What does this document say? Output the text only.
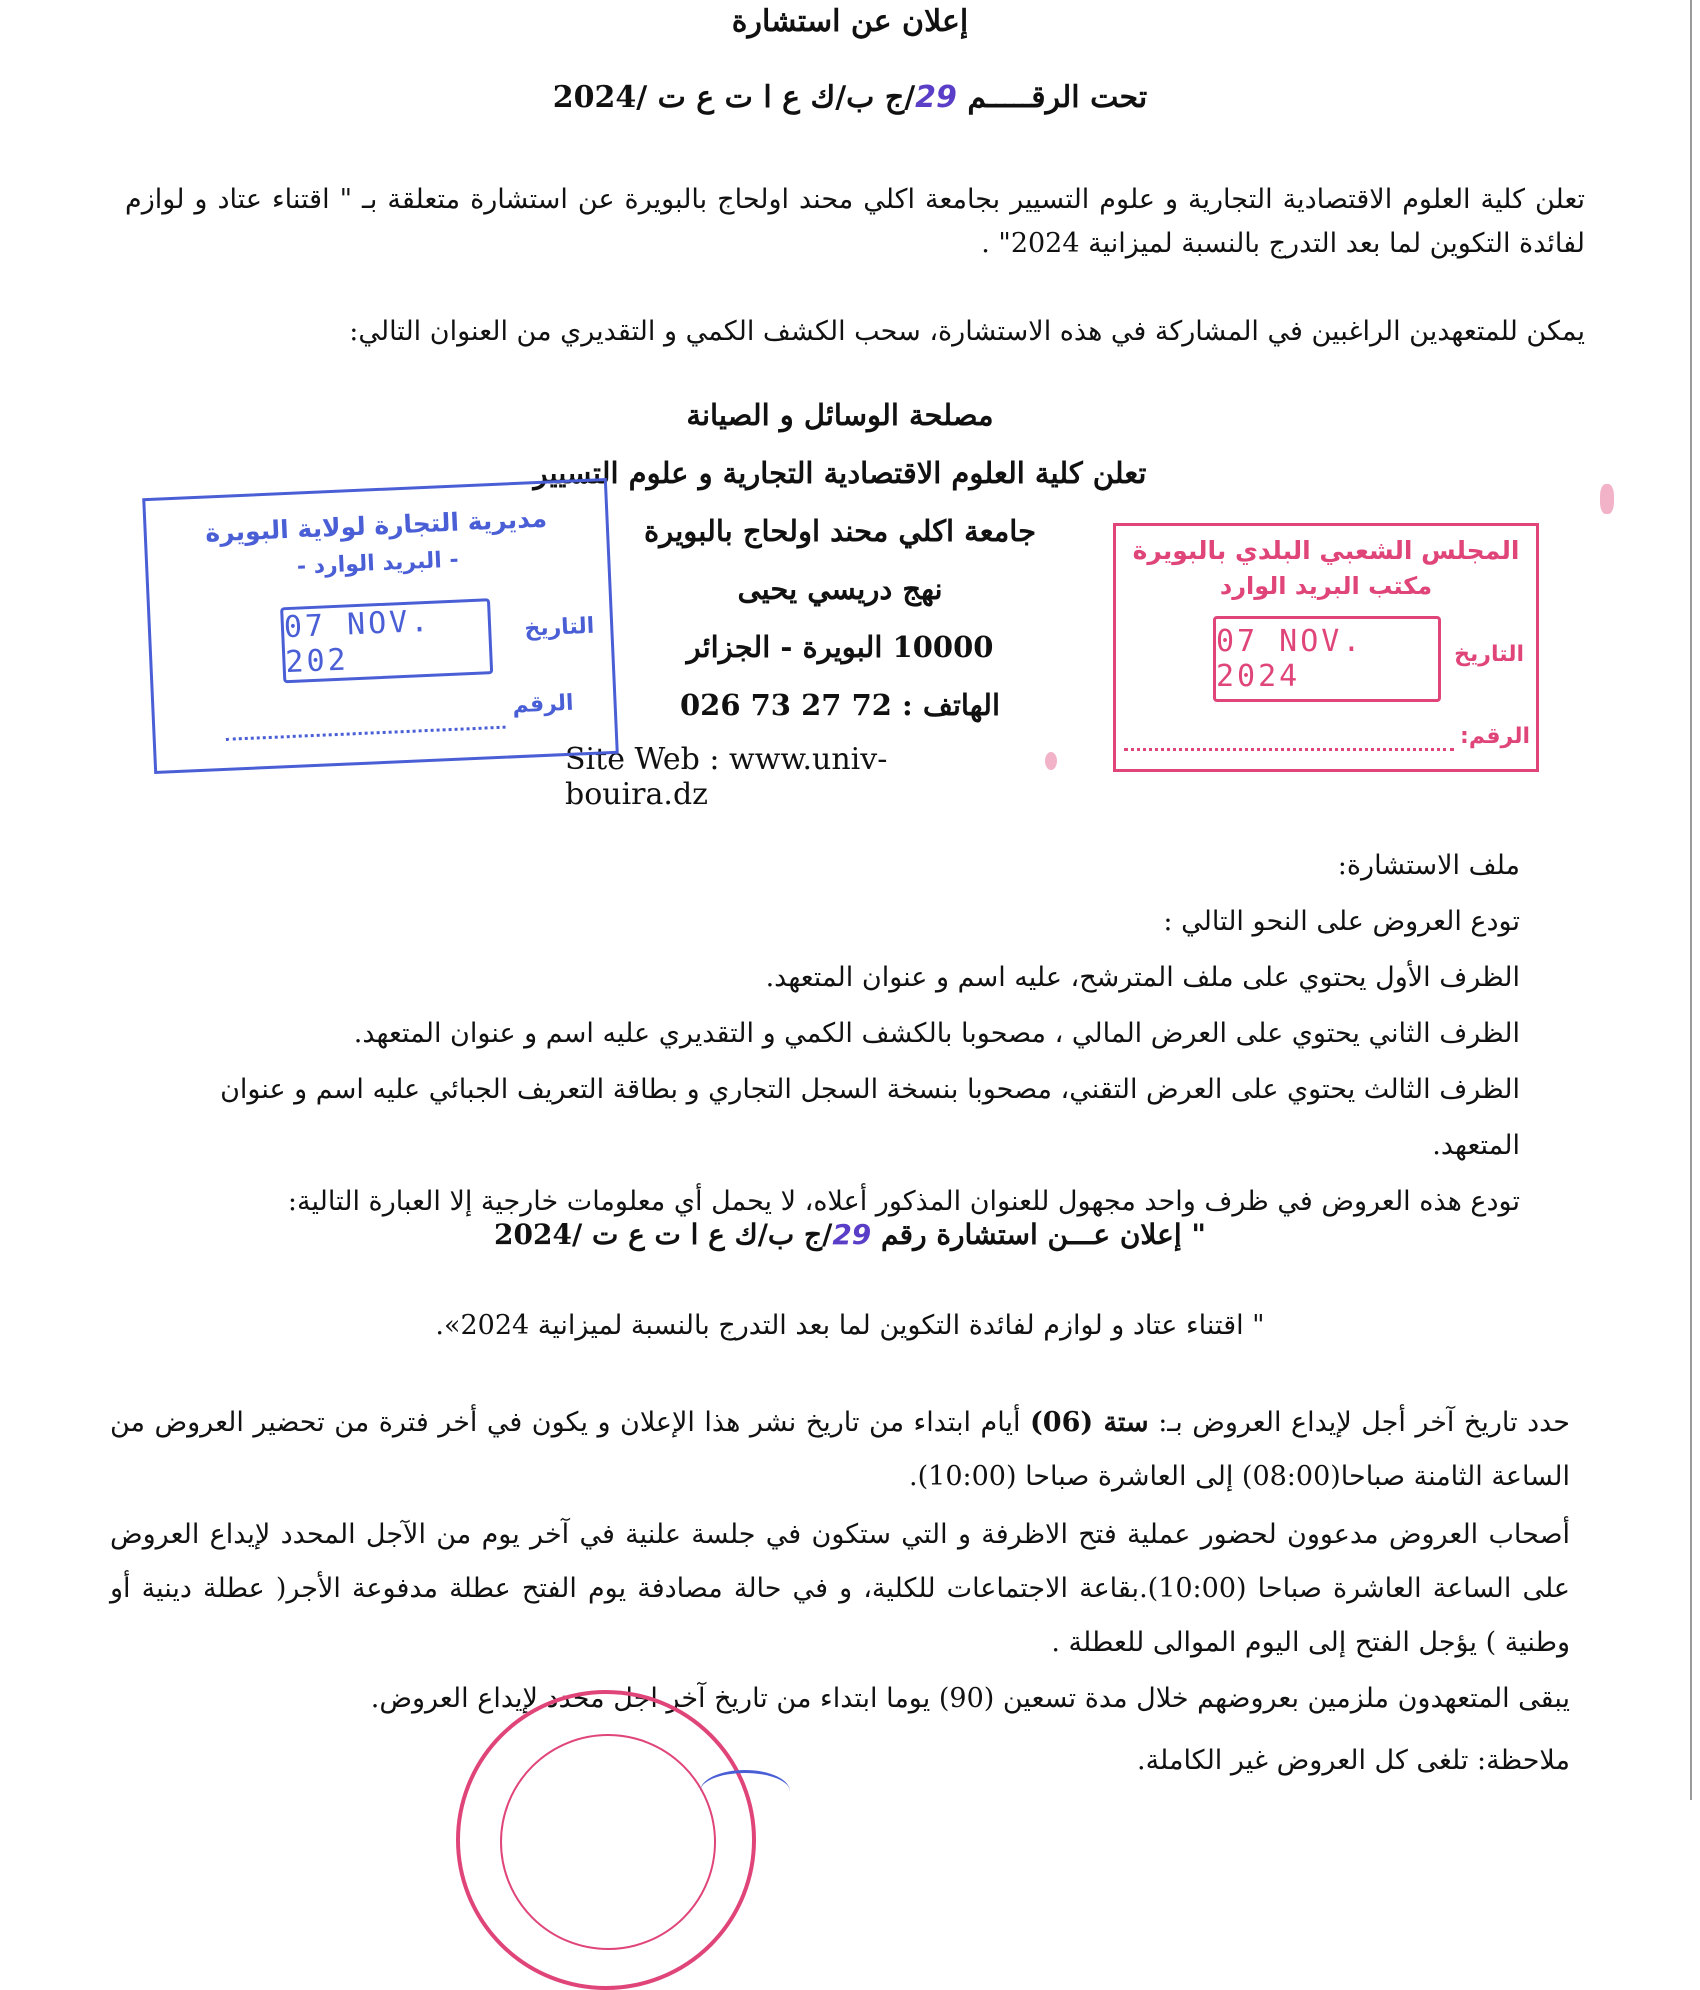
إعلان عن استشارة
تحت الرقـــــم 29/ج ب/ك ع ا ت ع ت /2024
تعلن كلية العلوم الاقتصادية التجارية و علوم التسيير بجامعة اكلي محند اولحاج بالبويرة عن استشارة متعلقة بـ " اقتناء عتاد و لوازم لفائدة التكوين لما بعد التدرج بالنسبة لميزانية 2024" .
يمكن للمتعهدين الراغبين في المشاركة في هذه الاستشارة، سحب الكشف الكمي و التقديري من العنوان التالي:
مصلحة الوسائل و الصيانة
تعلن كلية العلوم الاقتصادية التجارية و علوم التسيير
جامعة اكلي محند اولحاج بالبويرة
نهج دريسي يحيى
10000 البويرة - الجزائر
الهاتف : 72 27 73 026
Site Web : www.univ-bouira.dz
مديرية التجارة لولاية البويرة
- البريد الوارد -
07 NOV. 202
التاريخ
الرقم
المجلس الشعبي البلدي بالبويرة
مكتب البريد الوارد
07 NOV. 2024
التاريخ
الرقم:

ملف الاستشارة:

تودع العروض على النحو التالي :

الظرف الأول يحتوي على ملف المترشح، عليه اسم و عنوان المتعهد.

الظرف الثاني يحتوي على العرض المالي ، مصحوبا بالكشف الكمي و التقديري عليه اسم و عنوان المتعهد.

الظرف الثالث يحتوي على العرض التقني، مصحوبا بنسخة السجل التجاري و بطاقة التعريف الجبائي عليه اسم و عنوان المتعهد.

تودع هذه العروض في ظرف واحد مجهول للعنوان المذكور أعلاه، لا يحمل أي معلومات خارجية إلا العبارة التالية:

" إعلان عـــن استشارة رقم 29/ج ب/ك ع ا ت ع ت /2024
" اقتناء عتاد و لوازم لفائدة التكوين لما بعد التدرج بالنسبة لميزانية 2024».
حدد تاريخ آخر أجل لإيداع العروض بـ: ستة (06) أيام ابتداء من تاريخ نشر هذا الإعلان و يكون في أخر فترة من تحضير العروض من الساعة الثامنة صباحا(08:00) إلى العاشرة صباحا (10:00).
أصحاب العروض مدعوون لحضور عملية فتح الاظرفة و التي ستكون في جلسة علنية في آخر يوم من الآجل المحدد لإيداع العروض على الساعة العاشرة صباحا (10:00).بقاعة الاجتماعات للكلية، و في حالة مصادفة يوم الفتح عطلة مدفوعة الأجر( عطلة دينية أو وطنية ) يؤجل الفتح إلى اليوم الموالى للعطلة .
يبقى المتعهدون ملزمين بعروضهم خلال مدة تسعين (90) يوما ابتداء من تاريخ آخر اجل محدد لإيداع العروض.
ملاحظة: تلغى كل العروض غير الكاملة.
